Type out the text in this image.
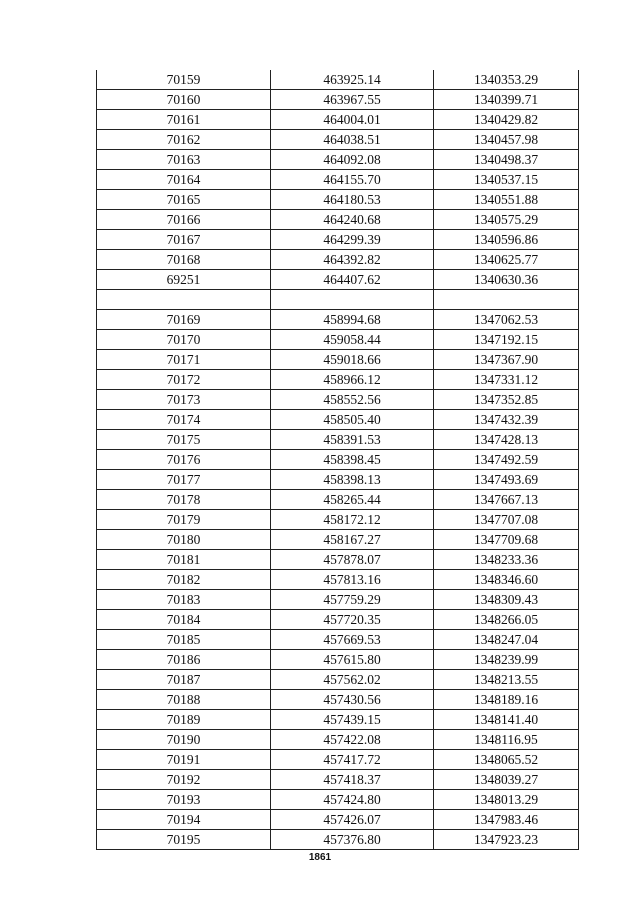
70159	463925.14	1340353.29
70160	463967.55	1340399.71
70161	464004.01	1340429.82
70162	464038.51	1340457.98
70163	464092.08	1340498.37
70164	464155.70	1340537.15
70165	464180.53	1340551.88
70166	464240.68	1340575.29
70167	464299.39	1340596.86
70168	464392.82	1340625.77
69251	464407.62	1340630.36

70169	458994.68	1347062.53
70170	459058.44	1347192.15
70171	459018.66	1347367.90
70172	458966.12	1347331.12
70173	458552.56	1347352.85
70174	458505.40	1347432.39
70175	458391.53	1347428.13
70176	458398.45	1347492.59
70177	458398.13	1347493.69
70178	458265.44	1347667.13
70179	458172.12	1347707.08
70180	458167.27	1347709.68
70181	457878.07	1348233.36
70182	457813.16	1348346.60
70183	457759.29	1348309.43
70184	457720.35	1348266.05
70185	457669.53	1348247.04
70186	457615.80	1348239.99
70187	457562.02	1348213.55
70188	457430.56	1348189.16
70189	457439.15	1348141.40
70190	457422.08	1348116.95
70191	457417.72	1348065.52
70192	457418.37	1348039.27
70193	457424.80	1348013.29
70194	457426.07	1347983.46
70195	457376.80	1347923.23
1861
